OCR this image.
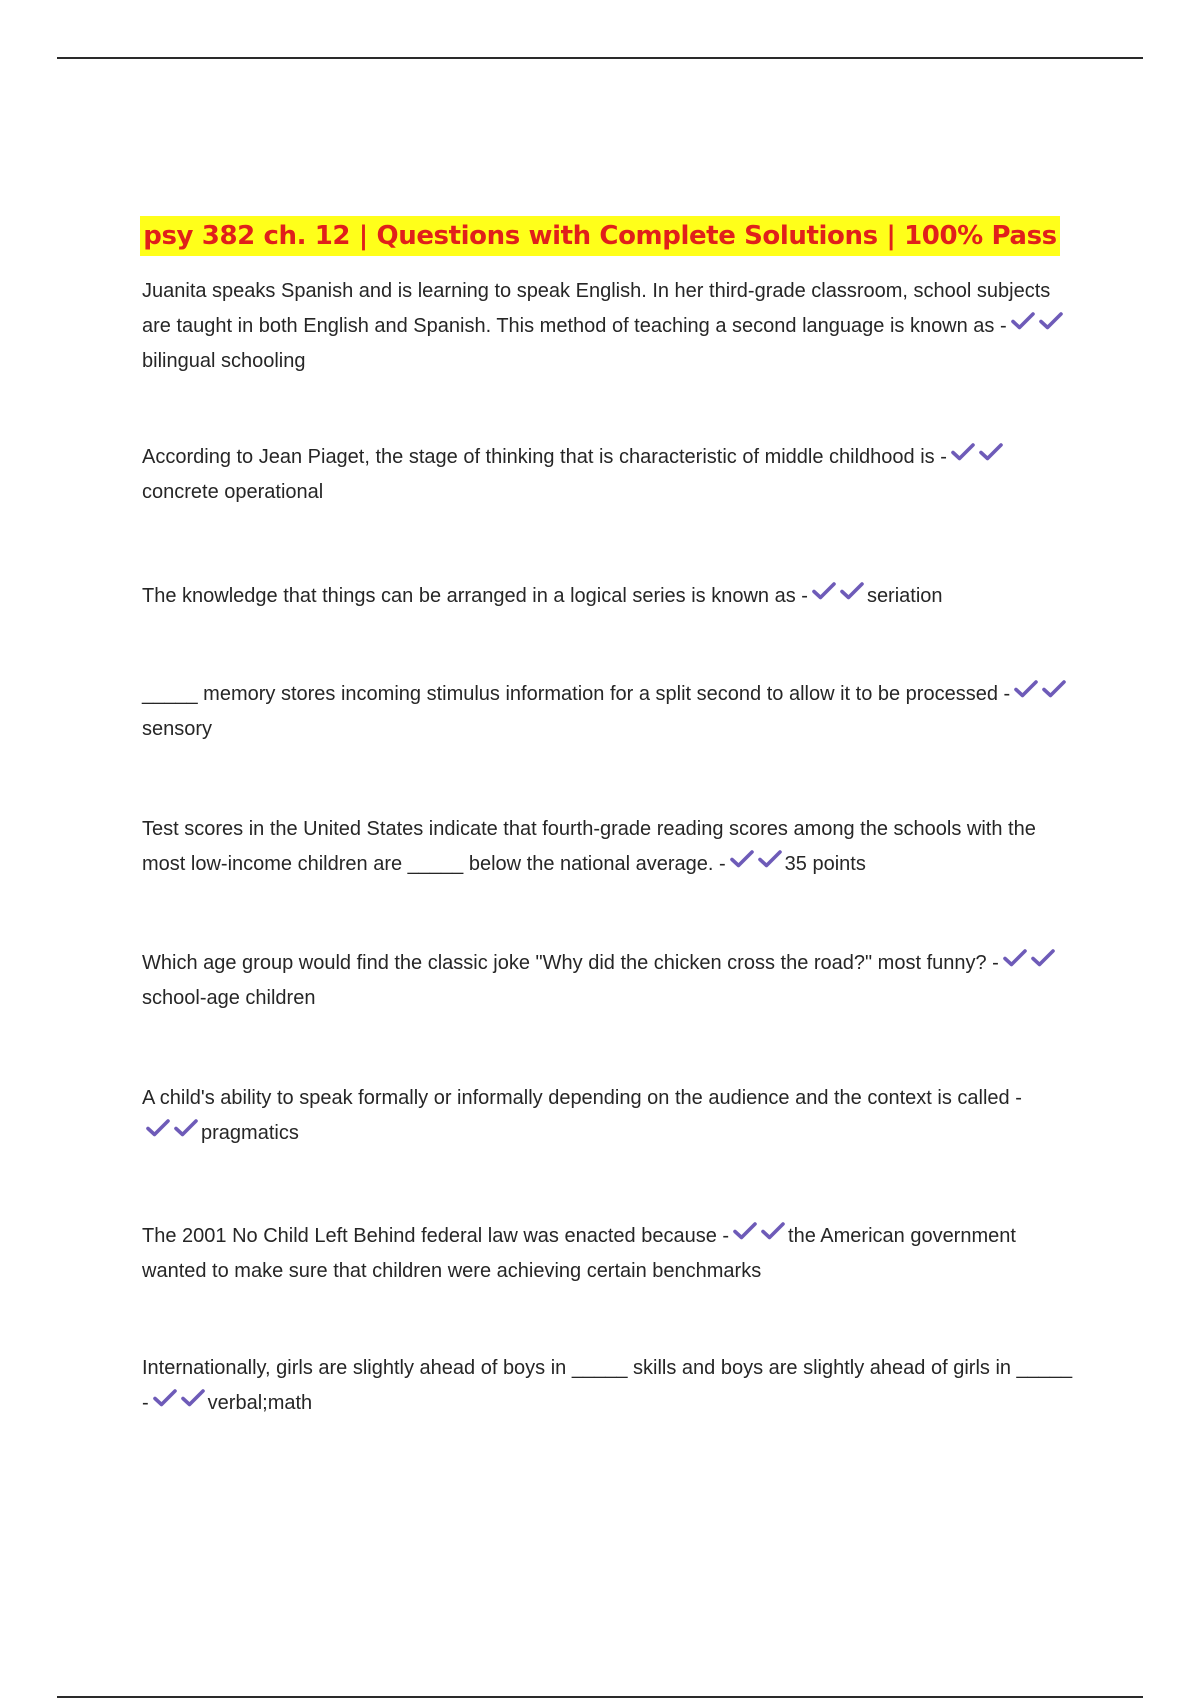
psy 382 ch. 12 | Questions with Complete Solutions | 100% Pass
Juanita speaks Spanish and is learning to speak English. In her third-grade classroom, school subjects are taught in both English and Spanish. This method of teaching a second language is known as -bilingual schooling
According to Jean Piaget, the stage of thinking that is characteristic of middle childhood is -concrete operational
The knowledge that things can be arranged in a logical series is known as -	seriation
_____ memory stores incoming stimulus information for a split second to allow it to be processed -sensory
Test scores in the United States indicate that fourth-grade reading scores among the schools with the most low-income children are _____ below the national average. -	35 points
Which age group would find the classic joke "Why did the chicken cross the road?" most funny? -school-age children
A child's ability to speak formally or informally depending on the audience and the context is called -pragmatics
The 2001 No Child Left Behind federal law was enacted because -	the American government wanted to make sure that children were achieving certain benchmarks
Internationally, girls are slightly ahead of boys in _____ skills and boys are slightly ahead of girls in _____ -	verbal;math
